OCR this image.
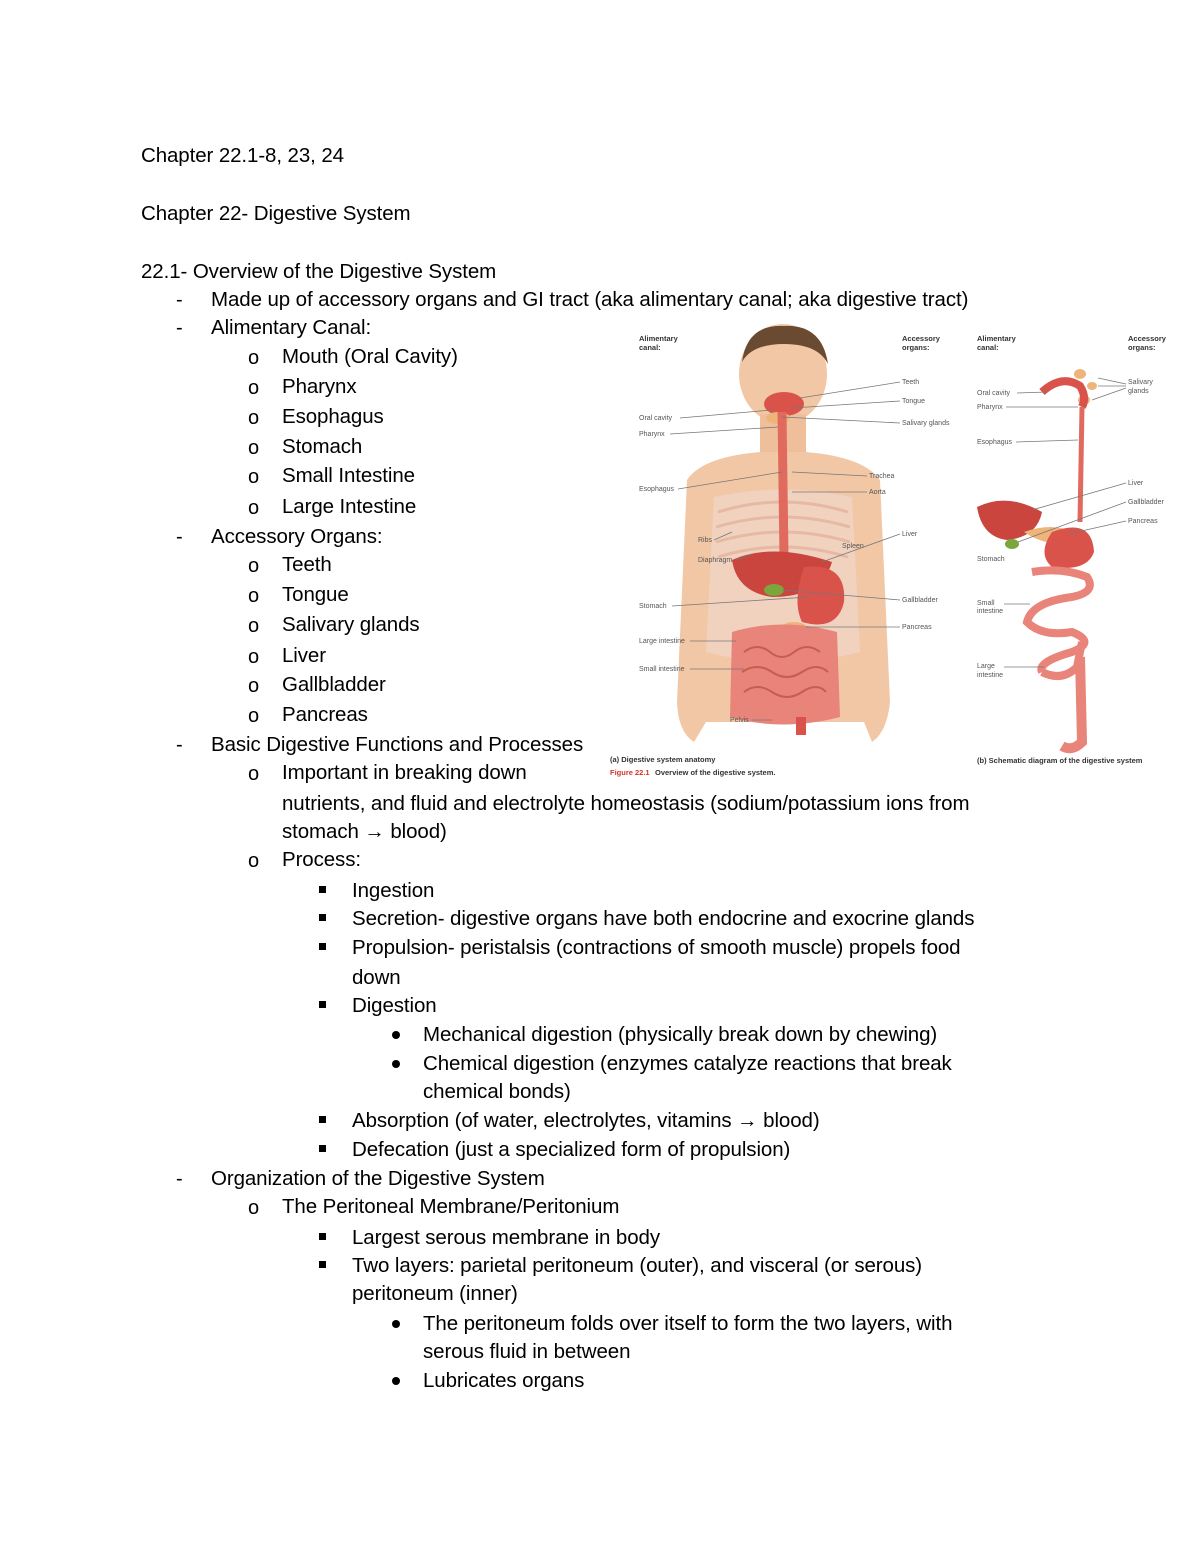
Chapter 22.1-8, 23, 24
Chapter 22- Digestive System
22.1- Overview of the Digestive System
- Made up of accessory organs and GI tract (aka alimentary canal; aka digestive tract)
- Alimentary Canal:
o Mouth (Oral Cavity)
o Pharynx
o Esophagus
o Stomach
o Small Intestine
o Large Intestine
- Accessory Organs:
o Teeth
o Tongue
o Salivary glands
o Liver
o Gallbladder
o Pancreas
- Basic Digestive Functions and Processes
o Important in breaking down
nutrients, and fluid and electrolyte homeostasis (sodium/potassium ions from
stomach → blood)
o Process:
Ingestion
Secretion- digestive organs have both endocrine and exocrine glands
Propulsion- peristalsis (contractions of smooth muscle) propels food
down
Digestion
Mechanical digestion (physically break down by chewing)
Chemical digestion (enzymes catalyze reactions that break
chemical bonds)
Absorption (of water, electrolytes, vitamins → blood)
Defecation (just a specialized form of propulsion)
- Organization of the Digestive System
o The Peritoneal Membrane/Peritonium
Largest serous membrane in body
Two layers: parietal peritoneum (outer), and visceral (or serous)
peritoneum (inner)
The peritoneum folds over itself to form the two layers, with
serous fluid in between
Lubricates organs
Alimentary
canal:
Accessory
organs:
Oral cavity
Pharynx
Esophagus
Ribs
Diaphragm
Stomach
Large intestine
Small intestine
Pelvis
Teeth
Tongue
Salivary glands
Trachea
Aorta
Spleen
Liver
Gallbladder
Pancreas
Alimentary
canal:
Accessory
organs:
Oral cavity
Pharynx
Esophagus
Stomach
Small
intestine
Large
intestine
Salivary
glands
Liver
Gallbladder
Pancreas
(a) Digestive system anatomy
Figure 22.1 Overview of the digestive system.
(b) Schematic diagram of the digestive system
